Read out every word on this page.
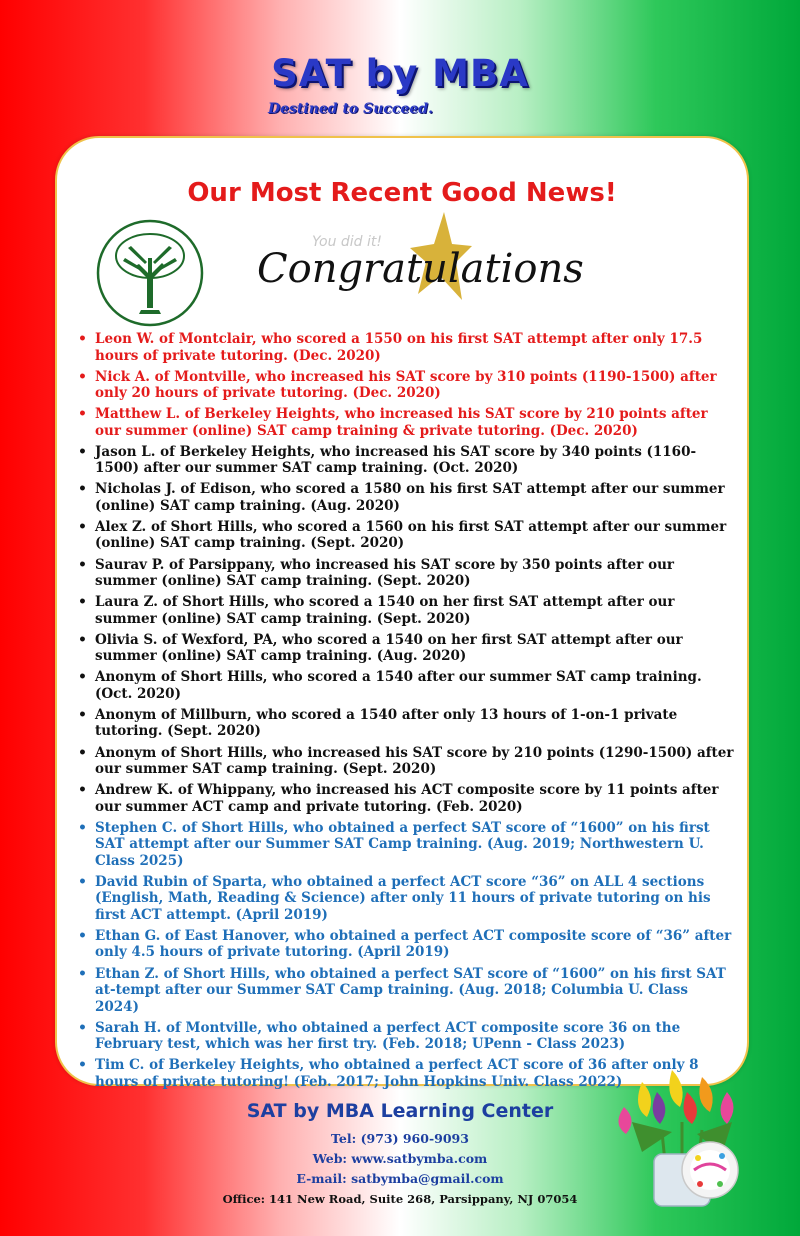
SAT by MBA
Destined to Succeed.
Our Most Recent Good News!
You did it!
Congratulations
• Leon W. of Montclair, who scored a 1550 on his first SAT attempt after only 17.5 hours of private tutoring. (Dec. 2020)
• Nick A. of Montville, who increased his SAT score by 310 points (1190-1500) after only 20 hours of private tutoring. (Dec. 2020)
• Matthew L. of Berkeley Heights, who increased his SAT score by 210 points after our summer (online) SAT camp training & private tutoring. (Dec. 2020)
• Jason L. of Berkeley Heights, who increased his SAT score by 340 points (1160-1500) after our summer SAT camp training. (Oct. 2020)
• Nicholas J. of Edison, who scored a 1580 on his first SAT attempt after our summer (online) SAT camp training. (Aug. 2020)
• Alex Z. of Short Hills, who scored a 1560 on his first SAT attempt after our summer (online) SAT camp training. (Sept. 2020)
• Saurav P. of Parsippany, who increased his SAT score by 350 points after our summer (online) SAT camp training. (Sept. 2020)
• Laura Z. of Short Hills, who scored a 1540 on her first SAT attempt after our summer (online) SAT camp training. (Sept. 2020)
• Olivia S. of Wexford, PA, who scored a 1540 on her first SAT attempt after our summer (online) SAT camp training. (Aug. 2020)
• Anonym of Short Hills, who scored a 1540 after our summer SAT camp training. (Oct. 2020)
• Anonym of Millburn, who scored a 1540 after only 13 hours of 1-on-1 private tutoring. (Sept. 2020)
• Anonym of Short Hills, who increased his SAT score by 210 points (1290-1500) after our summer SAT camp training. (Sept. 2020)
• Andrew K. of Whippany, who increased his ACT composite score by 11 points after our summer ACT camp and private tutoring. (Feb. 2020)
• Stephen C. of Short Hills, who obtained a perfect SAT score of “1600” on his first SAT attempt after our Summer SAT Camp training. (Aug. 2019; Northwestern U. Class 2025)
• David Rubin of Sparta, who obtained a perfect ACT score “36” on ALL 4 sections (English, Math, Reading & Science) after only 11 hours of private tutoring on his first ACT attempt. (April 2019)
• Ethan G. of East Hanover, who obtained a perfect ACT composite score of “36” after only 4.5 hours of private tutoring. (April 2019)
• Ethan Z. of Short Hills, who obtained a perfect SAT score of “1600” on his first SAT at-tempt after our Summer SAT Camp training. (Aug. 2018; Columbia U. Class 2024)
• Sarah H. of Montville, who obtained a perfect ACT composite score 36 on the February test, which was her first try. (Feb. 2018; UPenn - Class 2023)
• Tim C. of Berkeley Heights, who obtained a perfect ACT score of 36 after only 8 hours of private tutoring! (Feb. 2017; John Hopkins Univ. Class 2022)
SAT by MBA Learning Center
Tel: (973) 960-9093
Web: www.satbymba.com
E-mail: satbymba@gmail.com
Office: 141 New Road, Suite 268, Parsippany, NJ 07054
